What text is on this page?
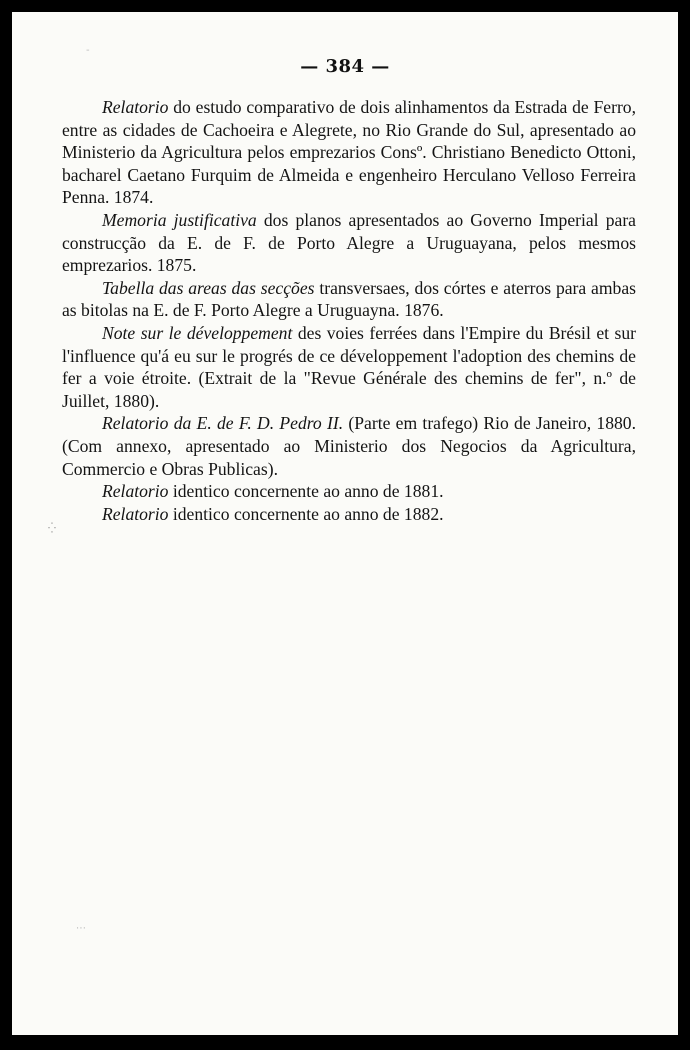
— 384 —

Relatorio do estudo comparativo de dois alinhamentos da Estrada de Ferro, entre as cidades de Cachoeira e Alegrete, no Rio Grande do Sul, apresentado ao Ministerio da Agricultura pelos emprezarios Consº. Christiano Benedicto Ottoni, bacharel Caetano Furquim de Almeida e engenheiro Herculano Velloso Ferreira Penna. 1874.

Memoria justificativa dos planos apresentados ao Governo Imperial para construcção da E. de F. de Porto Alegre a Uruguayana, pelos mesmos emprezarios. 1875.

Tabella das areas das secções transversaes, dos córtes e aterros para ambas as bitolas na E. de F. Porto Alegre a Uruguayna. 1876.

Note sur le développement des voies ferrées dans l'Empire du Brésil et sur l'influence qu'á eu sur le progrés de ce développement l'adoption des chemins de fer a voie étroite. (Extrait de la "Revue Générale des chemins de fer", n.º de Juillet, 1880).

Relatorio da E. de F. D. Pedro II. (Parte em trafego) Rio de Janeiro, 1880. (Com annexo, apresentado ao Ministerio dos Negocios da Agricultura, Commercio e Obras Publicas).

Relatorio identico concernente ao anno de 1881.

Relatorio identico concernente ao anno de 1882.

⁛
⋯
‐
